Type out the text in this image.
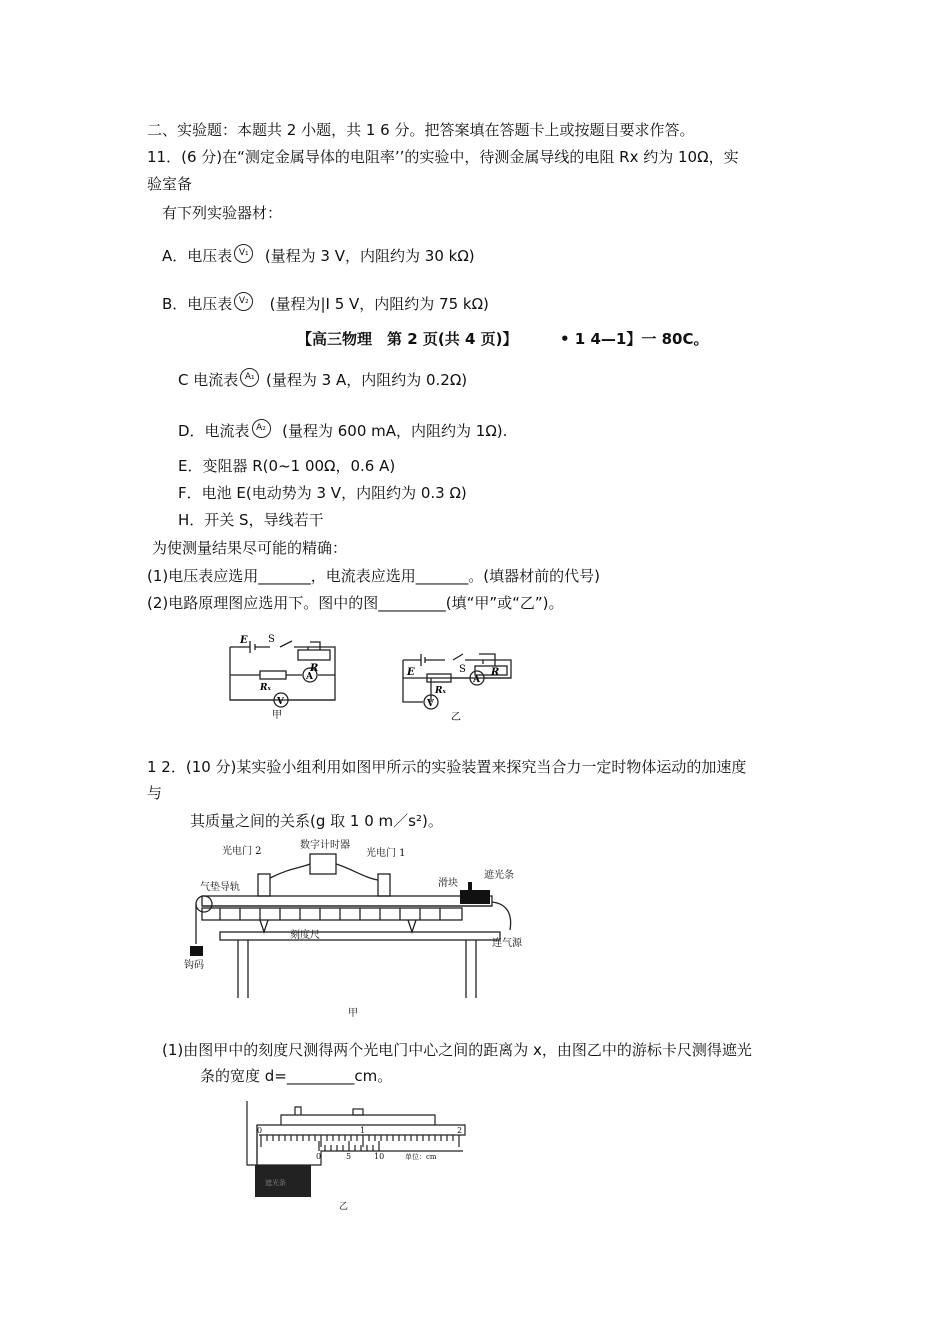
二、实验题：本题共 2 小题，共 1 6 分。把答案填在答题卡上或按题目要求作答。
11．(6 分)在“测定金属导体的电阻率’’的实验中，待测金属导线的电阻 Rx 约为 10Ω，实
验室备
有下列实验器材：
A．电压表 V₁ (量程为 3 V，内阻约为 30 kΩ)
B．电压表 V₂ (量程为|I 5 V，内阻约为 75 kΩ)
【高三物理　第 2 页(共 4 页)】	• 1 4—1】一 80C。
C 电流表 A₁ (量程为 3 A，内阻约为 0.2Ω)
D．电流表 A₂ (量程为 600 mA，内阻约为 1Ω).
E．变阻器 R(0~1 00Ω，0.6 A)
F．电池 E(电动势为 3 V，内阻约为 0.3 Ω)
H．开关 S，导线若干
为使测量结果尽可能的精确：
(1)电压表应选用_______，电流表应选用_______。(填器材前的代号)
(2)电路原理图应选用下。图中的图_________(填“甲”或“乙”)。
E S
R
Rₓ
A
V
甲
E	S	R
Rₓ
A
V
乙
1 2．(10 分)某实验小组利用如图甲所示的实验装置来探究当合力一定时物体运动的加速度
与
其质量之间的关系(g 取 1 0 m／s²)。
光电门 2
数字计时器
光电门 1
气垫导轨	滑块
遮光条
刻度尺
连气源
钩码
甲
(1)由图甲中的刻度尺测得两个光电门中心之间的距离为 x，由图乙中的游标卡尺测得遮光
条的宽度 d=_________cm。
遮光条
0	1	2
0	5	10	单位：cm
乙
